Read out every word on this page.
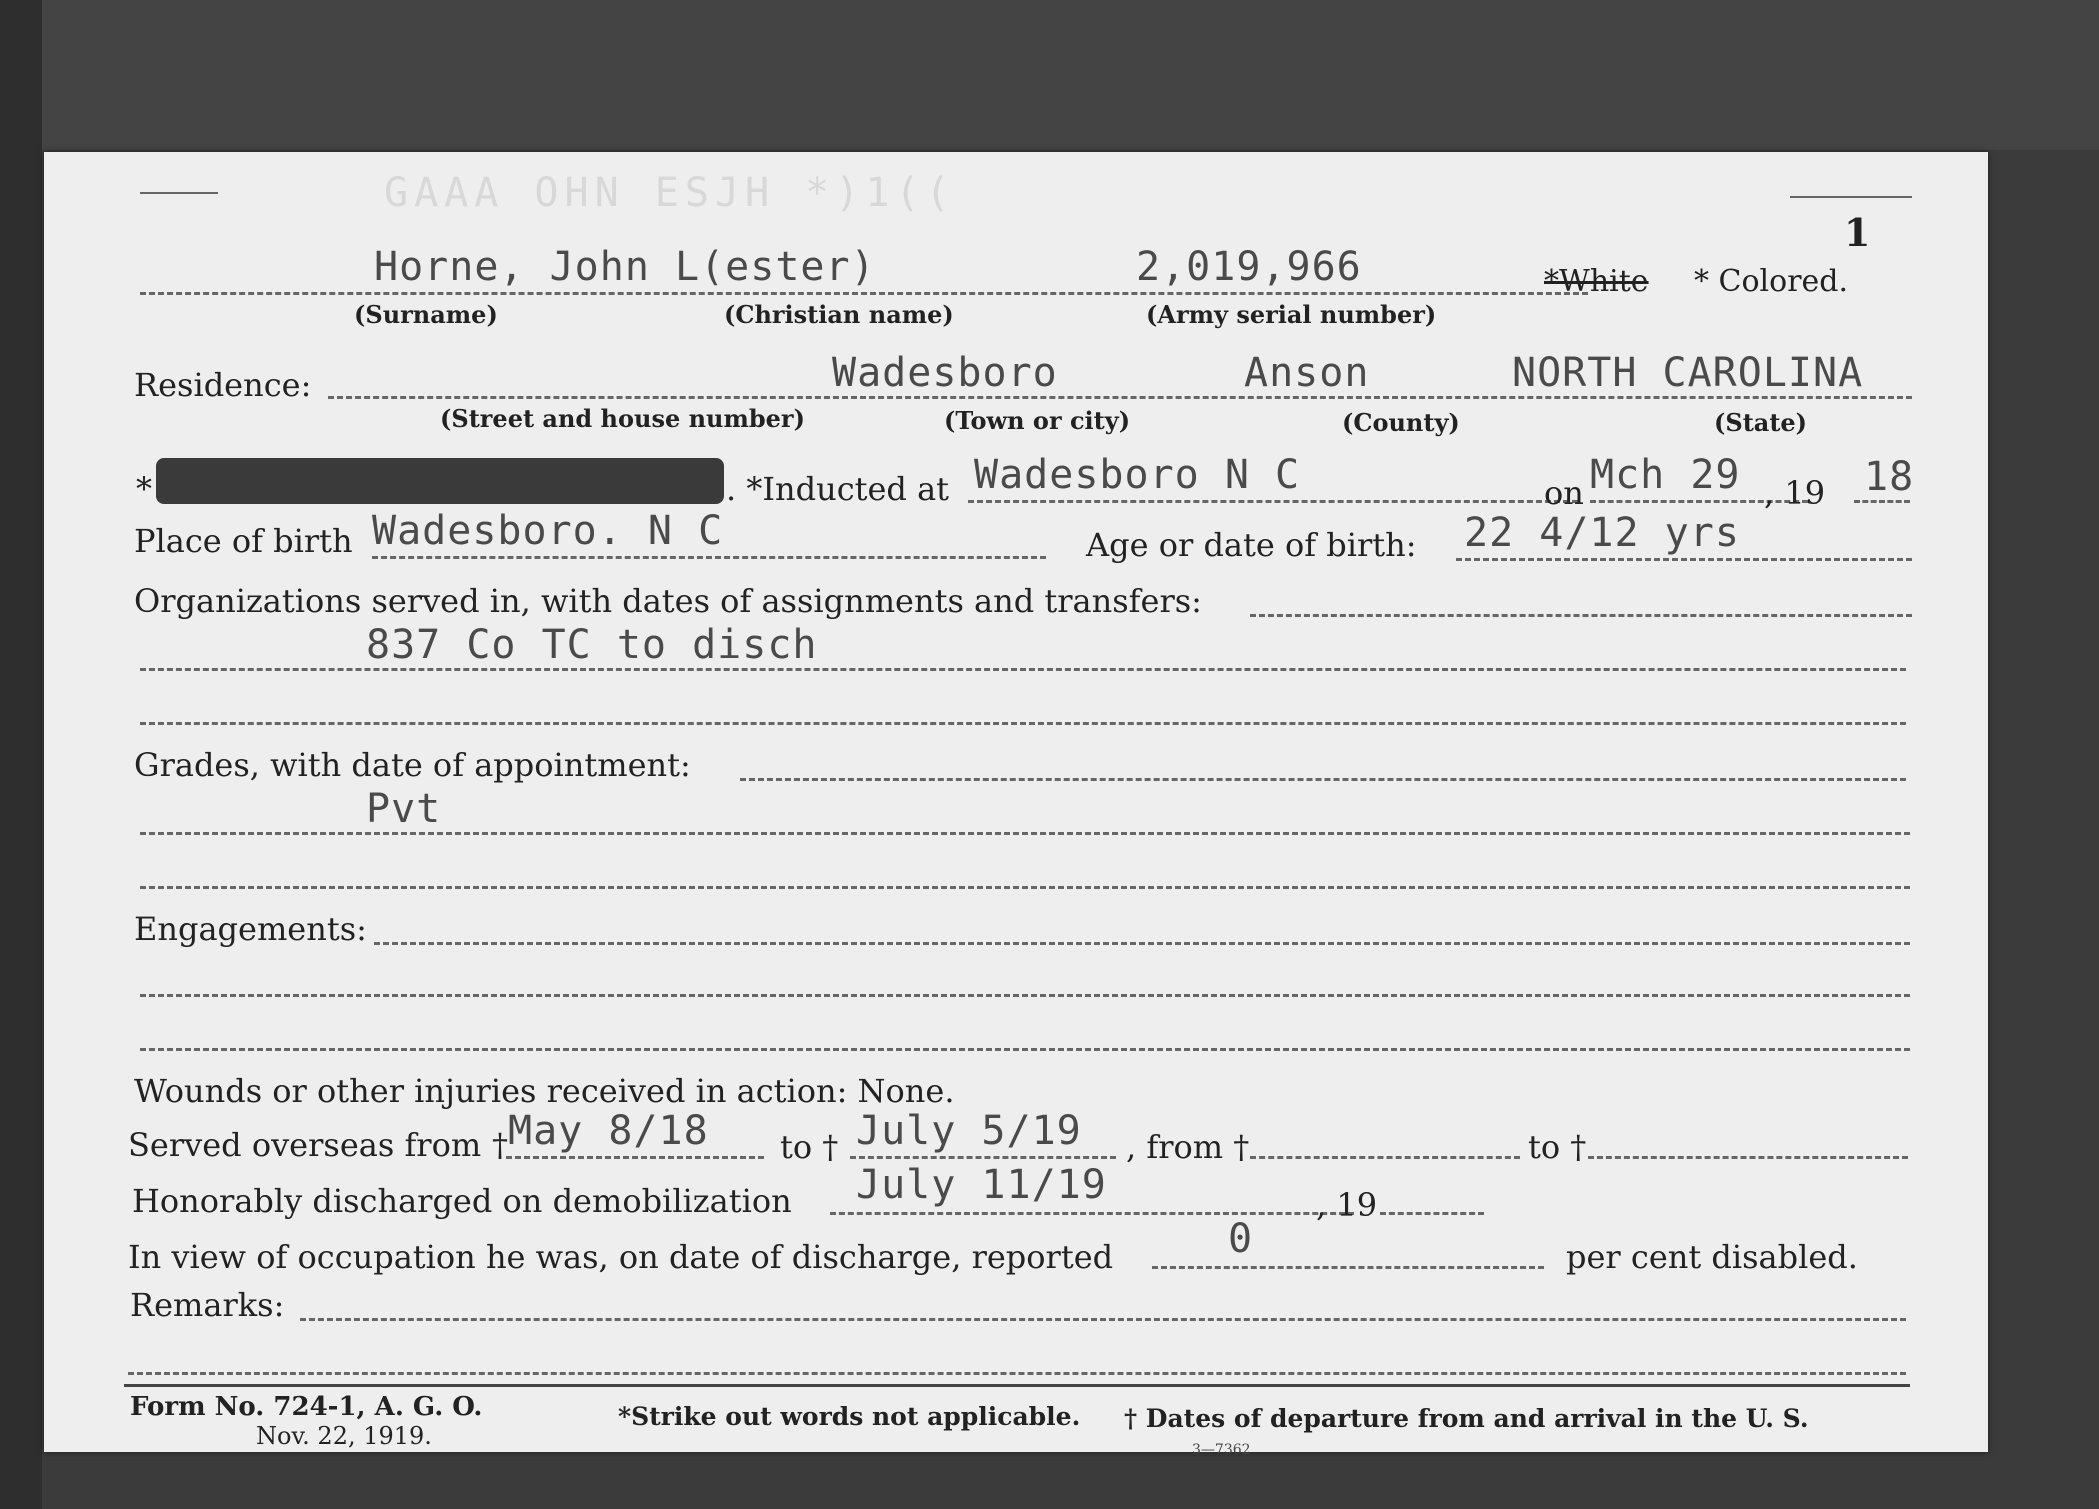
GAAA OHN ESJH *)1((
1
Horne, John L(ester)	2,019,966	*White * Colored.
(Surname)	(Christian name)	(Army serial number)
Residence:	Wadesboro	Anson	NORTH CAROLINA
(Street and house number)	(Town or city)	(County)	(State)
*	. *Inducted at Wadesboro N C	on Mch 29 , 19 18
Place of birth Wadesboro. N C	Age or date of birth: 22 4/12 yrs
Organizations served in, with dates of assignments and transfers:
837 Co TC to disch
Grades, with date of appointment:
Pvt
Engagements:
Wounds or other injuries received in action: None.
Served overseas from † May 8/18 to † July 5/19 , from †	to †
Honorably discharged on demobilization July 11/19	, 19
In view of occupation he was, on date of discharge, reported	0	per cent disabled.
Remarks:
Form No. 724-1, A. G. O.
Nov. 22, 1919.
*Strike out words not applicable. † Dates of departure from and arrival in the U. S.
3—7362
